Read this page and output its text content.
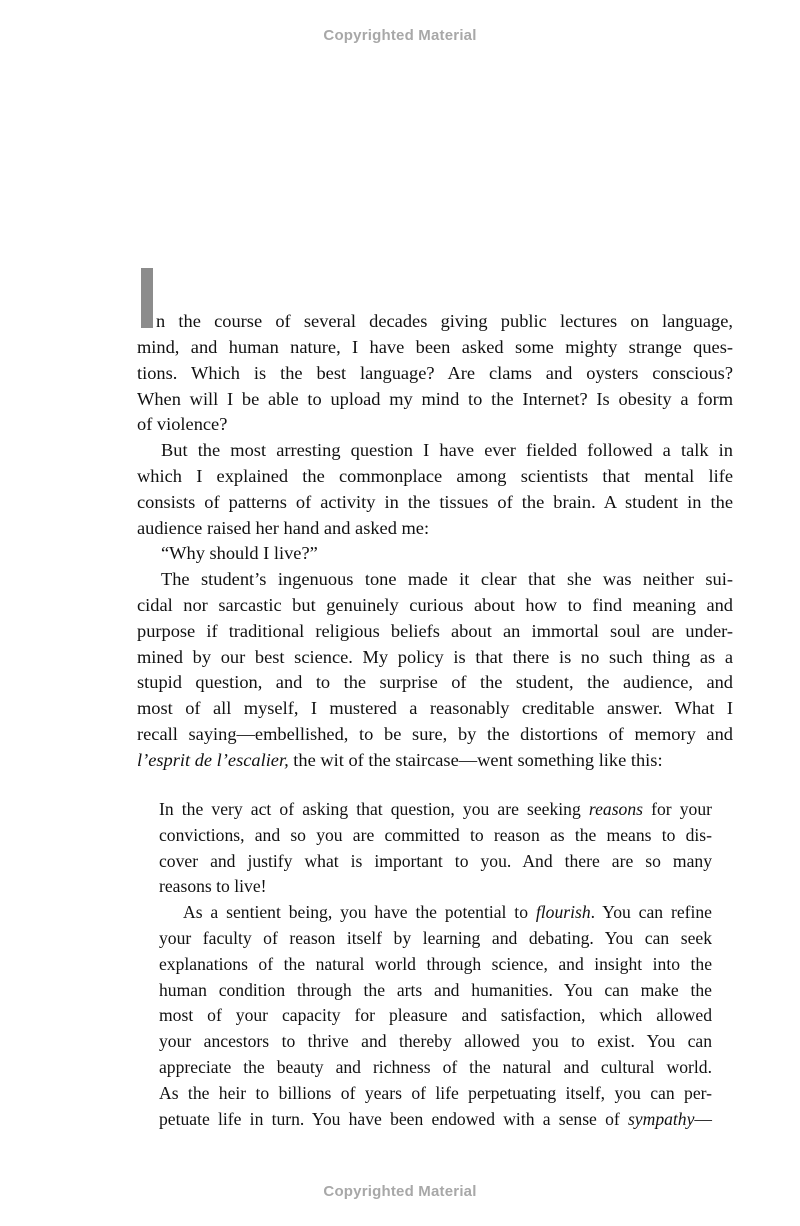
Copyrighted Material
n the course of several decades giving public lectures on language,
mind, and human nature, I have been asked some mighty strange ques-
tions. Which is the best language? Are clams and oysters conscious?
When will I be able to upload my mind to the Internet? Is obesity a form
of violence?
But the most arresting question I have ever fielded followed a talk in
which I explained the commonplace among scientists that mental life
consists of patterns of activity in the tissues of the brain. A student in the
audience raised her hand and asked me:
“Why should I live?”
The student’s ingenuous tone made it clear that she was neither sui-
cidal nor sarcastic but genuinely curious about how to find meaning and
purpose if traditional religious beliefs about an immortal soul are under-
mined by our best science. My policy is that there is no such thing as a
stupid question, and to the surprise of the student, the audience, and
most of all myself, I mustered a reasonably creditable answer. What I
recall saying—embellished, to be sure, by the distortions of memory and
l’esprit de l’escalier, the wit of the staircase—went something like this:
In the very act of asking that question, you are seeking reasons for your
convictions, and so you are committed to reason as the means to dis-
cover and justify what is important to you. And there are so many
reasons to live!
As a sentient being, you have the potential to flourish. You can refine
your faculty of reason itself by learning and debating. You can seek
explanations of the natural world through science, and insight into the
human condition through the arts and humanities. You can make the
most of your capacity for pleasure and satisfaction, which allowed
your ancestors to thrive and thereby allowed you to exist. You can
appreciate the beauty and richness of the natural and cultural world.
As the heir to billions of years of life perpetuating itself, you can per-
petuate life in turn. You have been endowed with a sense of sympathy—
Copyrighted Material
